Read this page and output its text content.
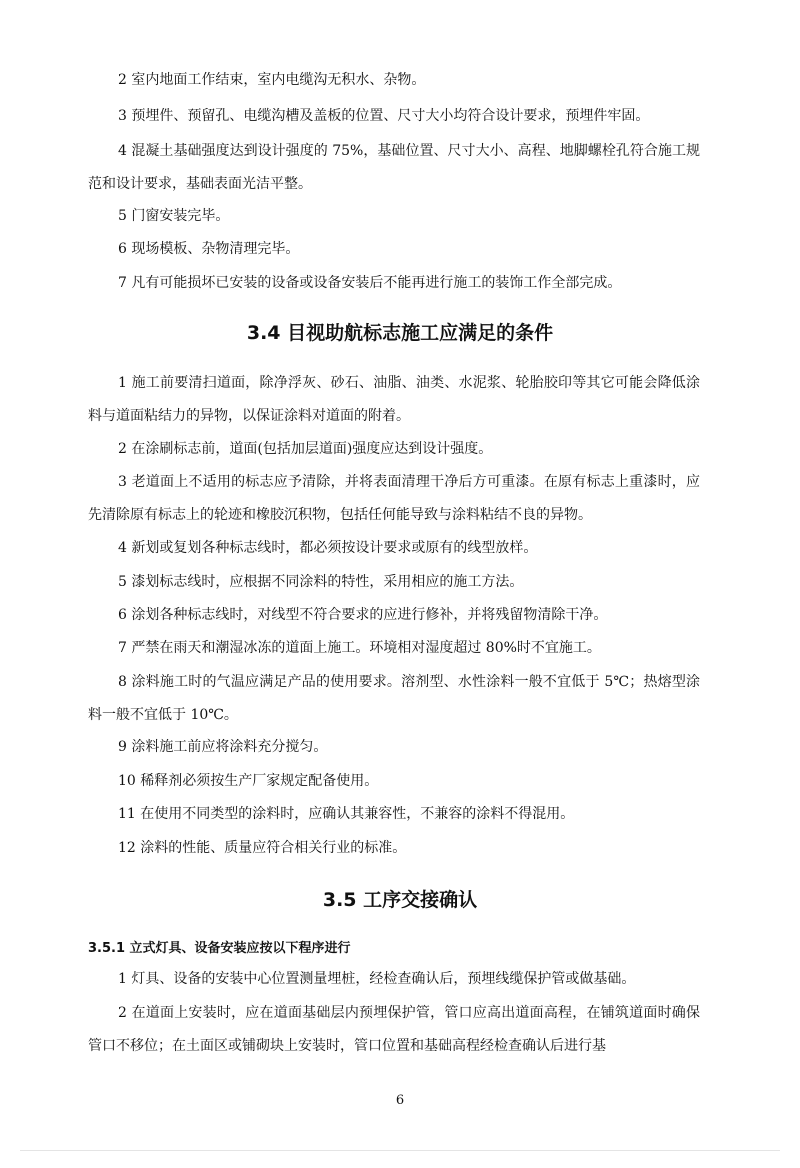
2 室内地面工作结束，室内电缆沟无积水、杂物。

3 预埋件、预留孔、电缆沟槽及盖板的位置、尺寸大小均符合设计要求，预埋件牢固。

4 混凝土基础强度达到设计强度的 75%，基础位置、尺寸大小、高程、地脚螺栓孔符合施工规范和设计要求，基础表面光洁平整。

5 门窗安装完毕。

6 现场模板、杂物清理完毕。

7 凡有可能损坏已安装的设备或设备安装后不能再进行施工的装饰工作全部完成。

3.4 目视助航标志施工应满足的条件

1 施工前要清扫道面，除净浮灰、砂石、油脂、油类、水泥浆、轮胎胶印等其它可能会降低涂料与道面粘结力的异物，以保证涂料对道面的附着。

2 在涂刷标志前，道面(包括加层道面)强度应达到设计强度。

3 老道面上不适用的标志应予清除，并将表面清理干净后方可重漆。在原有标志上重漆时，应先清除原有标志上的轮迹和橡胶沉积物，包括任何能导致与涂料粘结不良的异物。

4 新划或复划各种标志线时，都必须按设计要求或原有的线型放样。

5 漆划标志线时，应根据不同涂料的特性，采用相应的施工方法。

6 涂划各种标志线时，对线型不符合要求的应进行修补，并将残留物清除干净。

7 严禁在雨天和潮湿冰冻的道面上施工。环境相对湿度超过 80%时不宜施工。

8 涂料施工时的气温应满足产品的使用要求。溶剂型、水性涂料一般不宜低于 5℃；热熔型涂料一般不宜低于 10℃。

9 涂料施工前应将涂料充分搅匀。

10 稀释剂必须按生产厂家规定配备使用。

11 在使用不同类型的涂料时，应确认其兼容性，不兼容的涂料不得混用。

12 涂料的性能、质量应符合相关行业的标准。

3.5 工序交接确认
3.5.1 立式灯具、设备安装应按以下程序进行

1 灯具、设备的安装中心位置测量埋桩，经检查确认后，预埋线缆保护管或做基础。

2 在道面上安装时，应在道面基础层内预埋保护管，管口应高出道面高程，在铺筑道面时确保管口不移位；在土面区或铺砌块上安装时，管口位置和基础高程经检查确认后进行基

6
